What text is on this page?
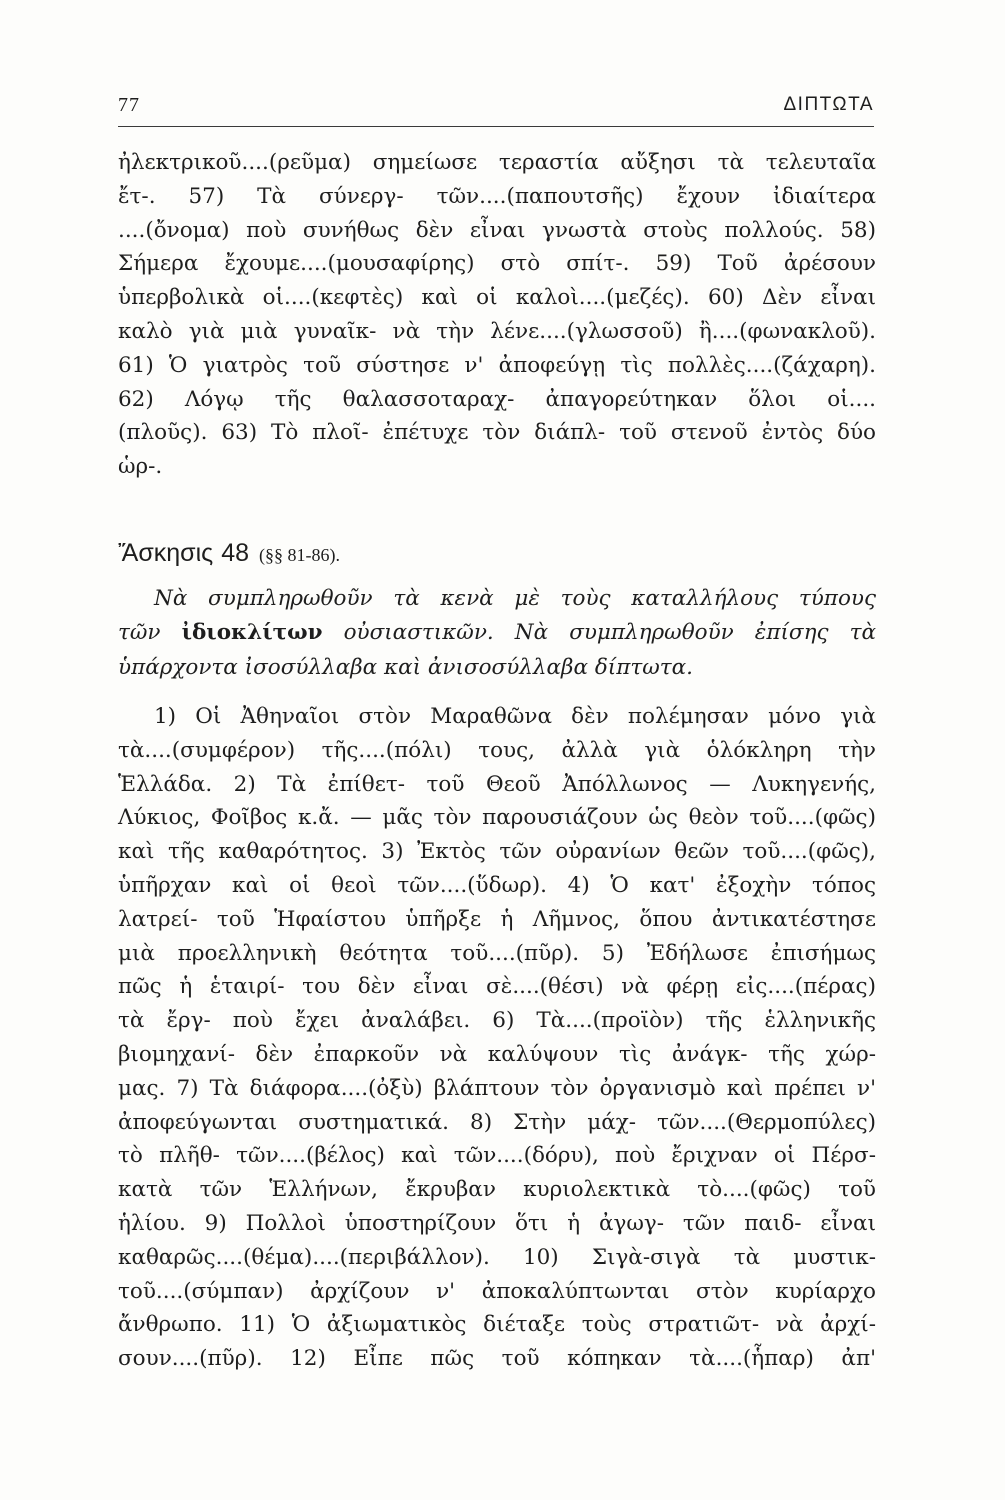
77	ΔΙΠΤΩΤΑ
ἠλεκτρικοῦ....(ρεῦμα) σημείωσε τεραστία αὔξησι τὰ τελευταῖα
ἔτ-. 57) Τὰ σύνεργ- τῶν....(παπουτσῆς) ἔχουν ἰδιαίτερα
....(ὄνομα) ποὺ συνήθως δὲν εἶναι γνωστὰ στοὺς πολλούς. 58)
Σήμερα ἔχουμε....(μουσαφίρης) στὸ σπίτ-. 59) Τοῦ ἀρέσουν
ὑπερβολικὰ οἱ....(κεφτὲς) καὶ οἱ καλοὶ....(μεζές). 60) Δὲν εἶναι
καλὸ γιὰ μιὰ γυναῖκ- νὰ τὴν λένε....(γλωσσοῦ) ἢ....(φωνακλοῦ).
61) Ὁ γιατρὸς τοῦ σύστησε ν' ἀποφεύγῃ τὶς πολλὲς....(ζάχαρη).
62) Λόγῳ τῆς θαλασσοταραχ- ἀπαγορεύτηκαν ὅλοι οἱ....
(πλοῦς). 63) Τὸ πλοῖ- ἐπέτυχε τὸν διάπλ- τοῦ στενοῦ ἐντὸς δύο
ὡρ-.
Ἄσκησις 48 (§§ 81-86).
Νὰ συμπληρωθοῦν τὰ κενὰ μὲ τοὺς καταλλήλους τύπους
τῶν ἰδιοκλίτων οὐσιαστικῶν. Νὰ συμπληρωθοῦν ἐπίσης τὰ
ὑπάρχοντα ἰσοσύλλαβα καὶ ἀνισοσύλλαβα δίπτωτα.
1) Οἱ Ἀθηναῖοι στὸν Μαραθῶνα δὲν πολέμησαν μόνο γιὰ
τὰ....(συμφέρον) τῆς....(πόλι) τους, ἀλλὰ γιὰ ὁλόκληρη τὴν
Ἑλλάδα. 2) Τὰ ἐπίθετ- τοῦ Θεοῦ Ἀπόλλωνος — Λυκηγενής,
Λύκιος, Φοῖβος κ.ἄ. — μᾶς τὸν παρουσιάζουν ὡς θεὸν τοῦ....(φῶς)
καὶ τῆς καθαρότητος. 3) Ἐκτὸς τῶν οὐρανίων θεῶν τοῦ....(φῶς),
ὑπῆρχαν καὶ οἱ θεοὶ τῶν....(ὕδωρ). 4) Ὁ κατ' ἐξοχὴν τόπος
λατρεί- τοῦ Ἡφαίστου ὑπῆρξε ἡ Λῆμνος, ὅπου ἀντικατέστησε
μιὰ προελληνικὴ θεότητα τοῦ....(πῦρ). 5) Ἐδήλωσε ἐπισήμως
πῶς ἡ ἑταιρί- του δὲν εἶναι σὲ....(θέσι) νὰ φέρῃ εἰς....(πέρας)
τὰ ἔργ- ποὺ ἔχει ἀναλάβει. 6) Τὰ....(προϊὸν) τῆς ἑλληνικῆς
βιομηχανί- δὲν ἐπαρκοῦν νὰ καλύψουν τὶς ἀνάγκ- τῆς χώρ-
μας. 7) Τὰ διάφορα....(ὀξὺ) βλάπτουν τὸν ὀργανισμὸ καὶ πρέπει ν'
ἀποφεύγωνται συστηματικά. 8) Στὴν μάχ- τῶν....(Θερμοπύλες)
τὸ πλῆθ- τῶν....(βέλος) καὶ τῶν....(δόρυ), ποὺ ἔριχναν οἱ Πέρσ-
κατὰ τῶν Ἑλλήνων, ἔκρυβαν κυριολεκτικὰ τὸ....(φῶς) τοῦ
ἡλίου. 9) Πολλοὶ ὑποστηρίζουν ὅτι ἡ ἀγωγ- τῶν παιδ- εἶναι
καθαρῶς....(θέμα)....(περιβάλλον). 10) Σιγὰ-σιγὰ τὰ μυστικ-
τοῦ....(σύμπαν) ἀρχίζουν ν' ἀποκαλύπτωνται στὸν κυρίαρχο
ἄνθρωπο. 11) Ὁ ἀξιωματικὸς διέταξε τοὺς στρατιῶτ- νὰ ἀρχί-
σουν....(πῦρ). 12) Εἶπε πῶς τοῦ κόπηκαν τὰ....(ἧπαρ) ἀπ'
